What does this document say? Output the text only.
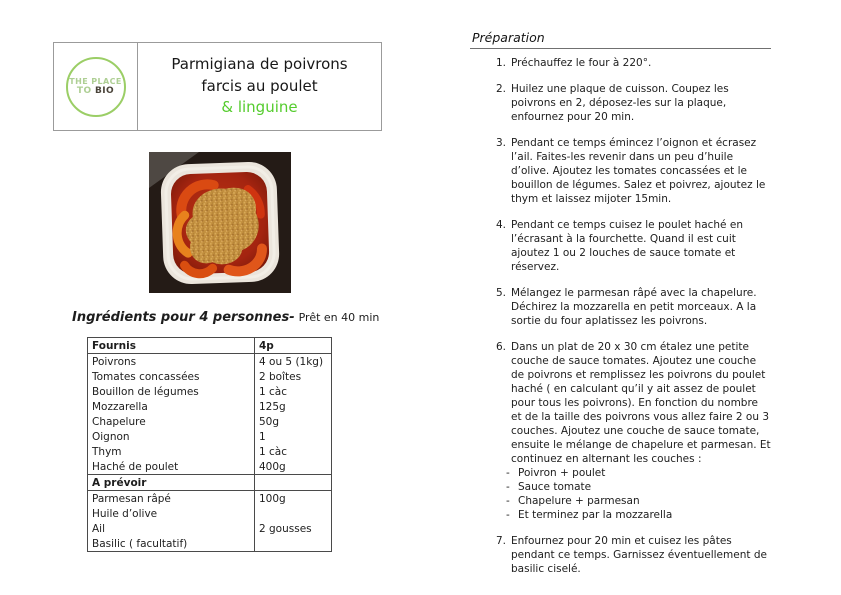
THE PLACE
TO BIO
Parmigiana de poivrons
farcis au poulet
& linguine
Ingrédients pour 4 personnes- Prêt en 40 min
Fournis	4p
Poivrons	4 ou 5 (1kg)
Tomates concassées	2 boîtes
Bouillon de légumes	1 càc
Mozzarella	125g
Chapelure	50g
Oignon	1
Thym	1 càc
Haché de poulet	400g
A prévoir	
Parmesan râpé	100g
Huile d’olive	
Ail	2 gousses
Basilic ( facultatif)	
Préparation
1. Préchauffez le four à 220°.
2. Huilez une plaque de cuisson. Coupez les poivrons en 2, déposez-les sur la plaque, enfournez pour 20 min.
3. Pendant ce temps émincez l’oignon et écrasez l’ail. Faites-les revenir dans un peu d’huile d’olive. Ajoutez les tomates concassées et le bouillon de légumes. Salez et poivrez, ajoutez le thym et laissez mijoter 15min.
4. Pendant ce temps cuisez le poulet haché en l’écrasant à la fourchette. Quand il est cuit ajoutez 1 ou 2 louches de sauce tomate et réservez.
5. Mélangez le parmesan râpé avec la chapelure. Déchirez la mozzarella en petit morceaux. A la sortie du four aplatissez les poivrons.
6. Dans un plat de 20 x 30 cm étalez une petite couche de sauce tomates. Ajoutez une couche de poivrons et remplissez les poivrons du poulet haché ( en calculant qu’il y ait assez de poulet pour tous les poivrons). En fonction du nombre et de la taille des poivrons vous allez faire 2 ou 3 couches. Ajoutez une couche de sauce tomate, ensuite le mélange de chapelure et parmesan. Et continuez en alternant les couches :
- Poivron + poulet
- Sauce tomate
- Chapelure + parmesan
- Et terminez par la mozzarella
7. Enfournez pour 20 min et cuisez les pâtes pendant ce temps. Garnissez éventuellement de basilic ciselé.
